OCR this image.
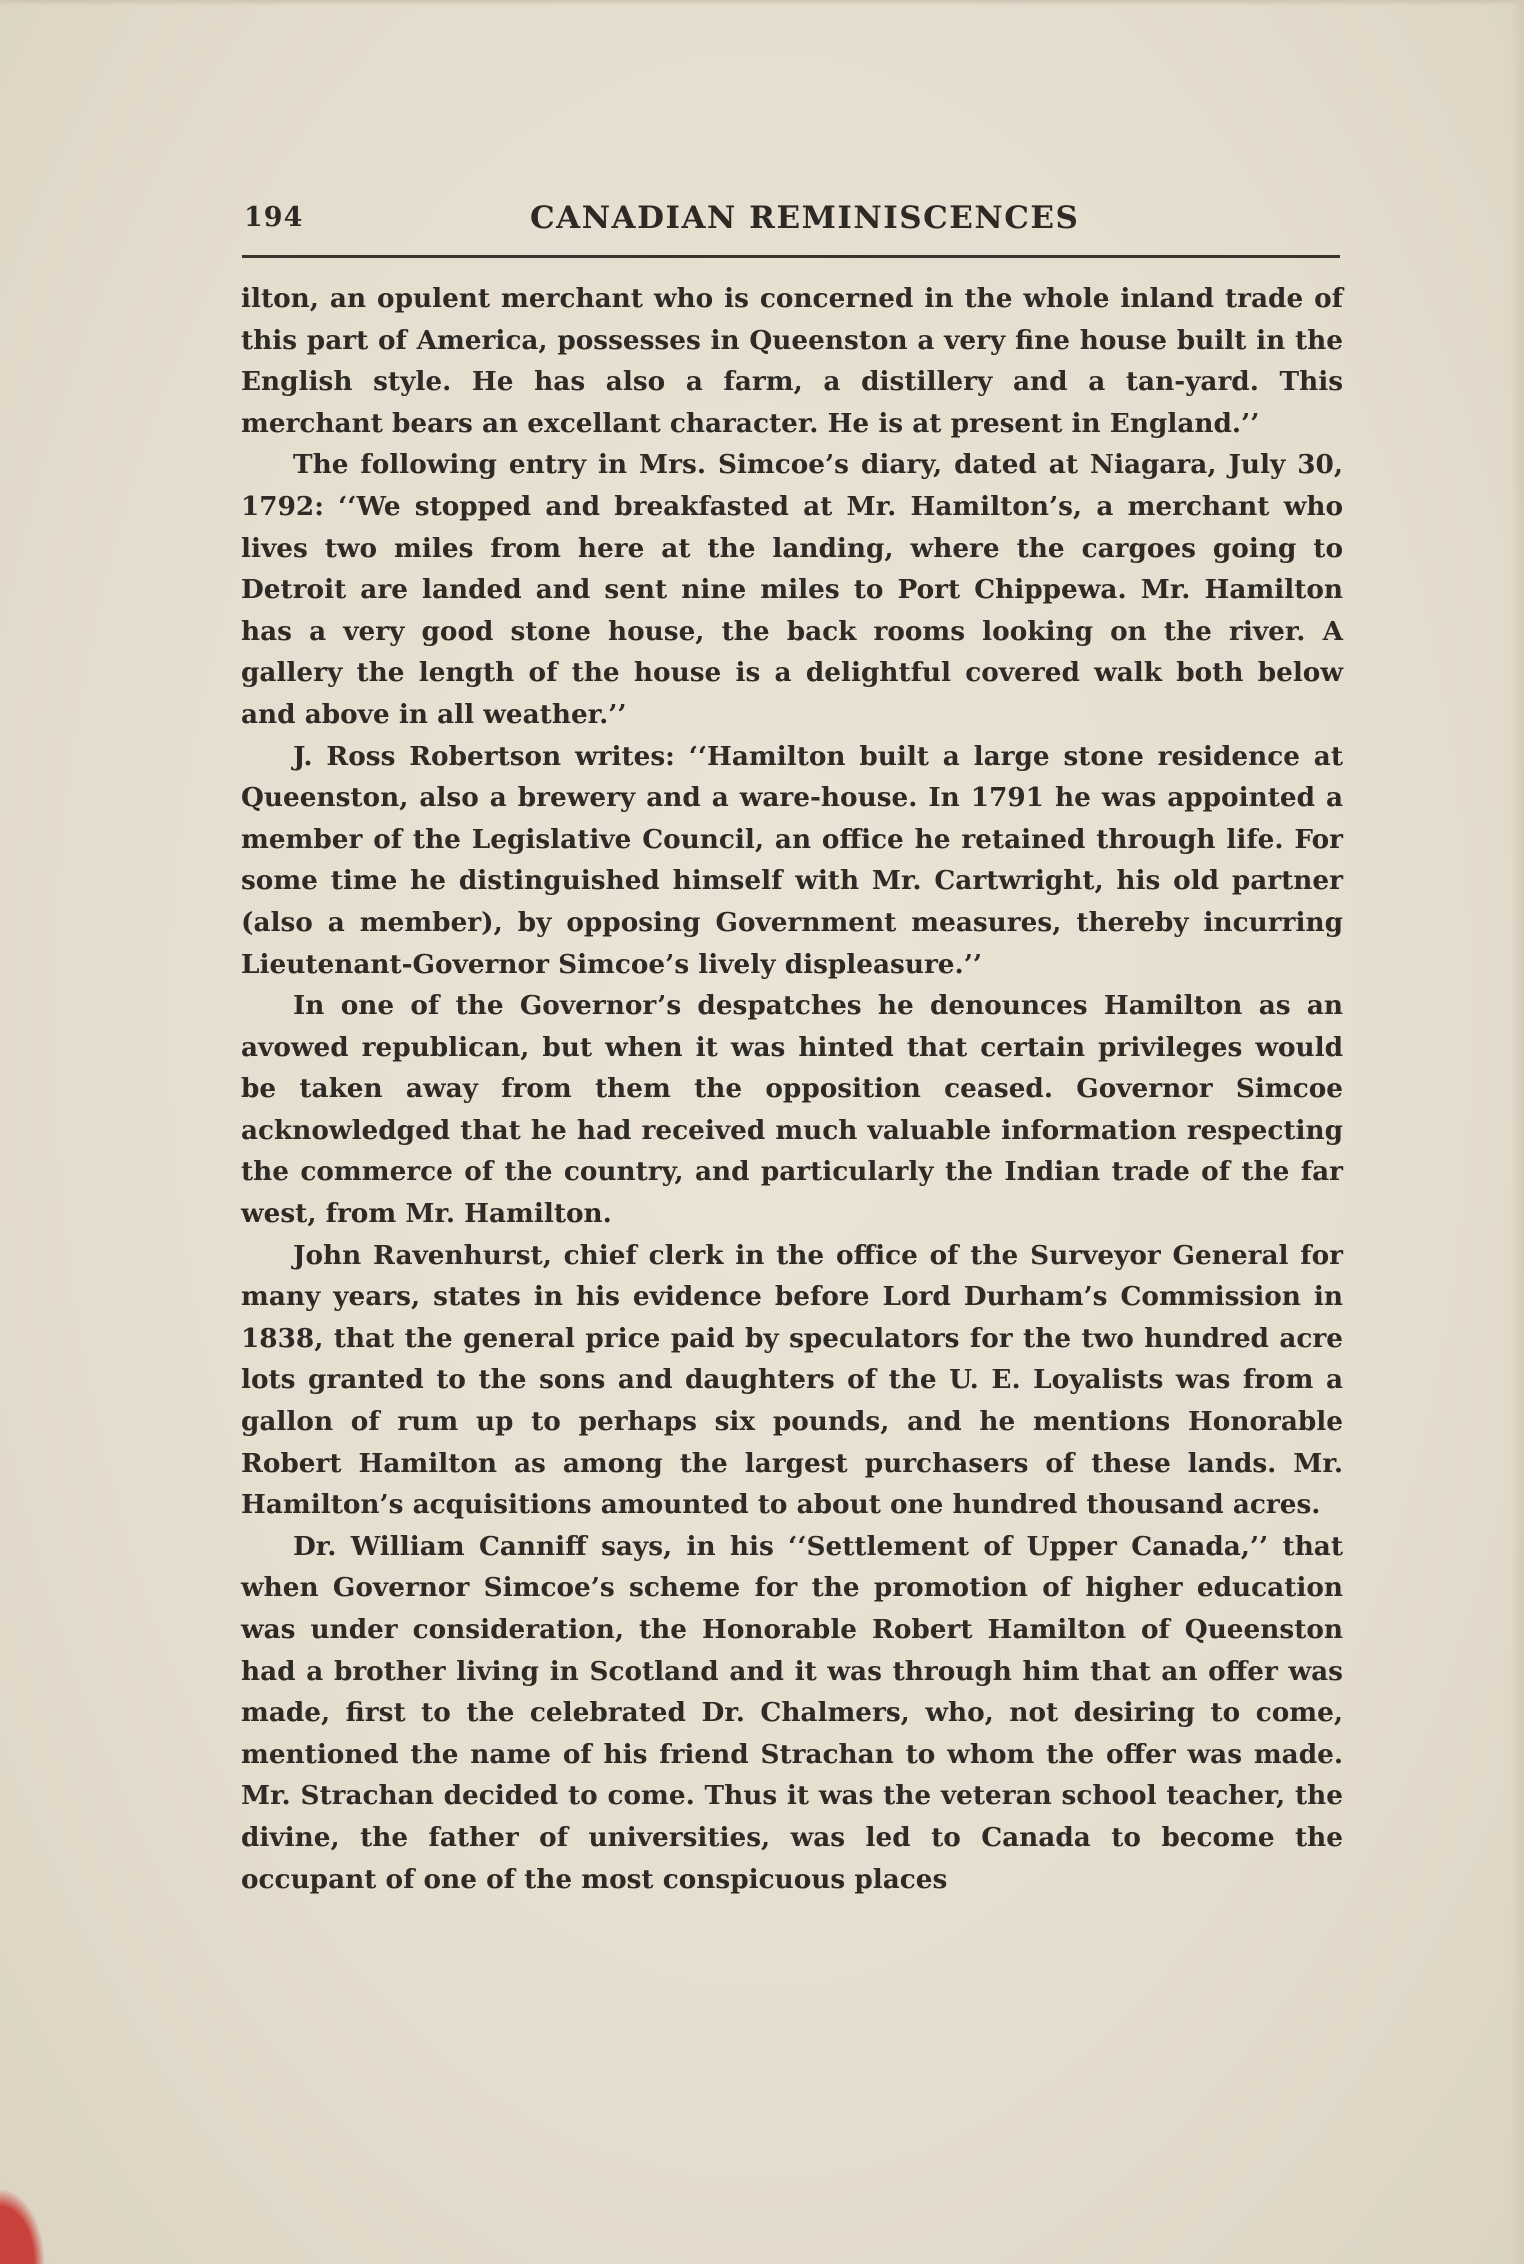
194	CANADIAN REMINISCENCES

ilton, an opulent merchant who is concerned in the whole inland trade of this part of America, possesses in Queenston a very fine house built in the English style. He has also a farm, a distillery and a tan-yard. This merchant bears an excellant character. He is at present in England.’’

The following entry in Mrs. Simcoe’s diary, dated at Niagara, July 30, 1792: ‘‘We stopped and breakfasted at Mr. Hamilton’s, a merchant who lives two miles from here at the landing, where the cargoes going to Detroit are landed and sent nine miles to Port Chippewa. Mr. Hamilton has a very good stone house, the back rooms looking on the river. A gallery the length of the house is a delightful covered walk both below and above in all weather.’’

J. Ross Robertson writes: ‘‘Hamilton built a large stone residence at Queenston, also a brewery and a ware-house. In 1791 he was appointed a member of the Legislative Council, an office he retained through life. For some time he distinguished himself with Mr. Cartwright, his old partner (also a member), by opposing Government measures, thereby incurring Lieutenant-Governor Simcoe’s lively displeasure.’’

In one of the Governor’s despatches he denounces Hamilton as an avowed republican, but when it was hinted that certain privileges would be taken away from them the opposition ceased. Governor Simcoe acknowledged that he had received much valuable information respecting the commerce of the country, and particularly the Indian trade of the far west, from Mr. Hamilton.

John Ravenhurst, chief clerk in the office of the Surveyor General for many years, states in his evidence before Lord Durham’s Commission in 1838, that the general price paid by speculators for the two hundred acre lots granted to the sons and daughters of the U. E. Loyalists was from a gallon of rum up to perhaps six pounds, and he mentions Honorable Robert Hamilton as among the largest purchasers of these lands. Mr. Hamilton’s acquisitions amounted to about one hundred thousand acres.

Dr. William Canniff says, in his ‘‘Settlement of Upper Canada,’’ that when Governor Simcoe’s scheme for the promotion of higher education was under consideration, the Honorable Robert Hamilton of Queenston had a brother living in Scotland and it was through him that an offer was made, first to the celebrated Dr. Chalmers, who, not desiring to come, mentioned the name of his friend Strachan to whom the offer was made. Mr. Strachan decided to come. Thus it was the veteran school teacher, the divine, the father of universities, was led to Canada to become the occupant of one of the most conspicuous places
